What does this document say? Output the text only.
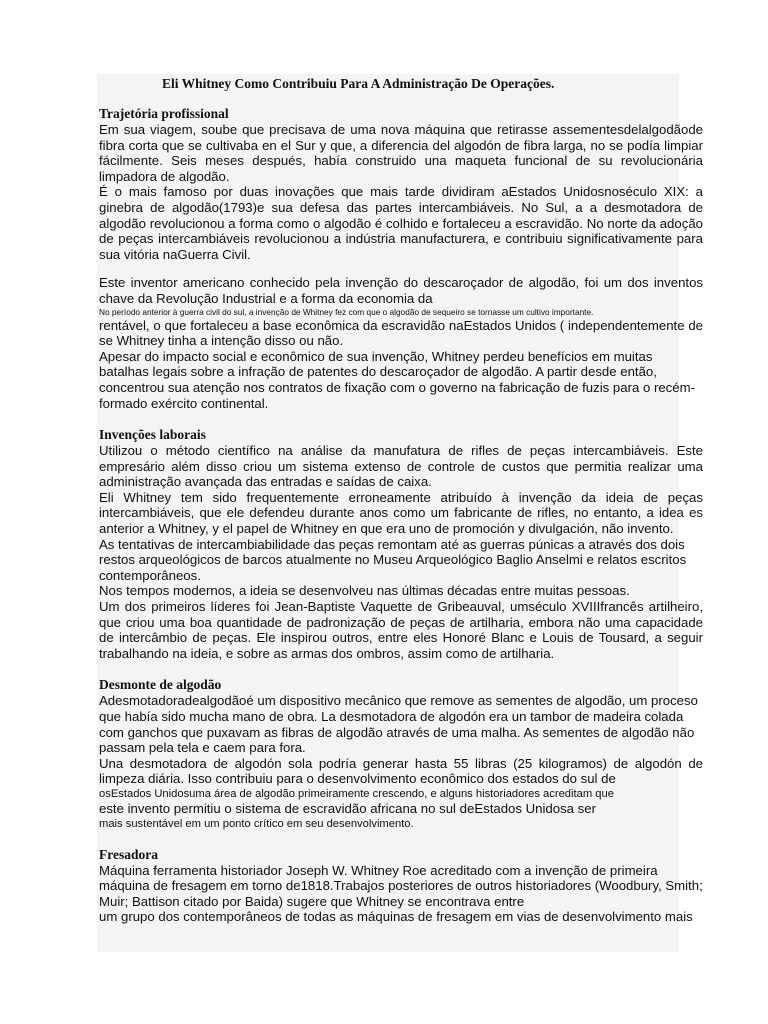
Eli Whitney Como Contribuiu Para A Administração De Operações.
Trajetória profissional

Em sua viagem, soube que precisava de uma nova máquina que retirasse assementesdelalgodãode fibra corta que se cultivaba en el Sur y que, a diferencia del algodón de fibra larga, no se podía limpiar fácilmente. Seis meses después, había construido una maqueta funcional de su revolucionária limpadora de algodão.

É o mais famoso por duas inovações que mais tarde dividiram aEstados Unidosnoséculo XIX: a ginebra de algodão(1793)e sua defesa das partes intercambiáveis. No Sul, a a desmotadora de algodão revolucionou a forma como o algodão é colhido e fortaleceu a escravidão. No norte da adoção de peças intercambiáveis revolucionou a indústria manufacturera, e contribuiu significativamente para sua vitória naGuerra Civil.

Este inventor americano conhecido pela invenção do descaroçador de algodão, foi um dos inventos chave da Revolução Industrial e a forma da economia da

No período anterior à guerra civil do sul, a invenção de Whitney fez com que o algodão de sequeiro se tornasse um cultivo importante.

rentável, o que fortaleceu a base econômica da escravidão naEstados Unidos ( independentemente de se Whitney tinha a intenção disso ou não.

Apesar do impacto social e econômico de sua invenção, Whitney perdeu benefícios em muitas batalhas legais sobre a infração de patentes do descaroçador de algodão. A partir desde então, concentrou sua atenção nos contratos de fixação com o governo na fabricação de fuzis para o recém-formado exército continental.

Invenções laborais

Utilizou o método científico na análise da manufatura de rifles de peças intercambiáveis. Este empresário além disso criou um sistema extenso de controle de custos que permitia realizar uma administração avançada das entradas e saídas de caixa.

Eli Whitney tem sido frequentemente erroneamente atribuído à invenção da ideia de peças intercambiáveis, que ele defendeu durante anos como um fabricante de rifles, no entanto, a idea es anterior a Whitney, y el papel de Whitney en que era uno de promoción y divulgación, não invento.

As tentativas de intercambiabilidade das peças remontam até as guerras púnicas a através dos dois restos arqueológicos de barcos atualmente no Museu Arqueológico Baglio Anselmi e relatos escritos contemporâneos.

Nos tempos modernos, a ideia se desenvolveu nas últimas décadas entre muitas pessoas.

Um dos primeiros líderes foi Jean-Baptiste Vaquette de Gribeauval, umséculo XVIIIfrancês artilheiro, que criou uma boa quantidade de padronização de peças de artilharia, embora não uma capacidade de intercâmbio de peças. Ele inspirou outros, entre eles Honoré Blanc e Louis de Tousard, a seguir trabalhando na ideia, e sobre as armas dos ombros, assim como de artilharia.

Desmonte de algodão

Adesmotadoradealgodãoé um dispositivo mecânico que remove as sementes de algodão, um proceso que había sido mucha mano de obra. La desmotadora de algodón era un tambor de madeira colada com ganchos que puxavam as fibras de algodão através de uma malha. As sementes de algodão não passam pela tela e caem para fora.

Una desmotadora de algodón sola podría generar hasta 55 libras (25 kilogramos) de algodón de limpeza diária. Isso contribuiu para o desenvolvimento econômico dos estados do sul de

osEstados Unidosuma área de algodão primeiramente crescendo, e alguns historiadores acreditam que

este invento permitiu o sistema de escravidão africana no sul deEstados Unidosa ser

mais sustentável em um ponto crítico em seu desenvolvimento.

Fresadora

Máquina ferramenta historiador Joseph W. Whitney Roe acreditado com a invenção de primeira máquina de fresagem em torno de1818.Trabajos posteriores de outros historiadores (Woodbury, Smith; Muir; Battison citado por Baida) sugere que Whitney se encontrava entre

um grupo dos contemporâneos de todas as máquinas de fresagem em vias de desenvolvimento mais
